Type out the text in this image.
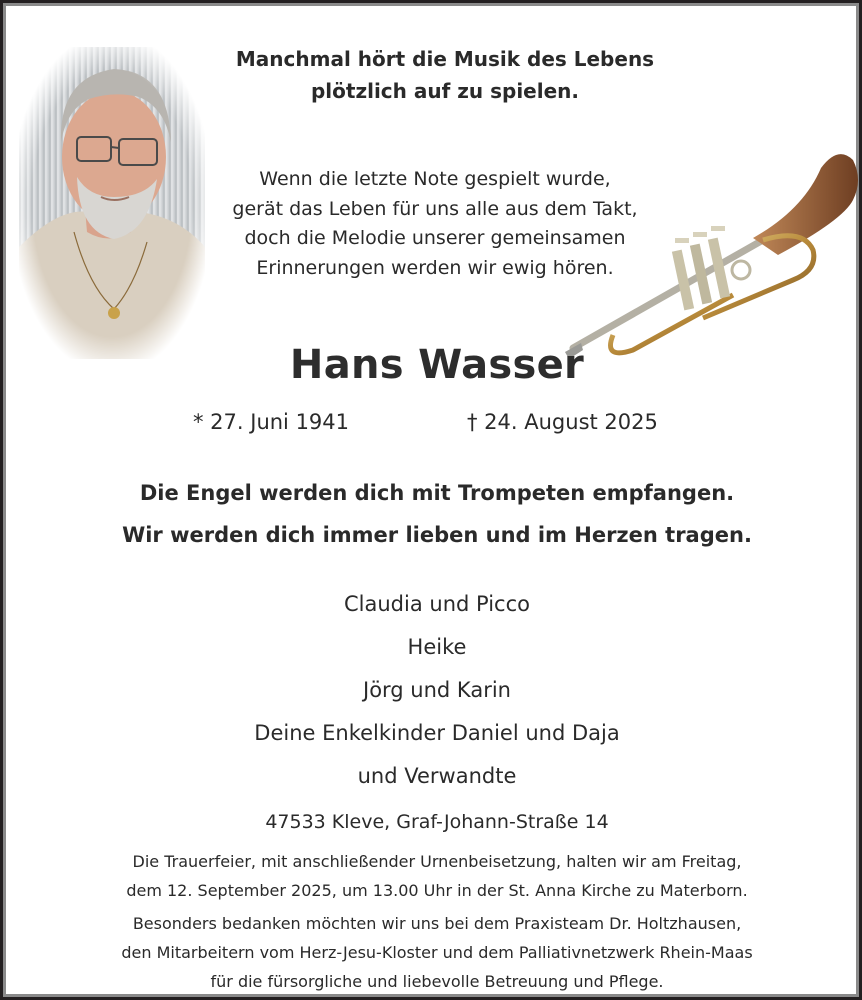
Manchmal hört die Musik des Lebens
plötzlich auf zu spielen.
Wenn die letzte Note gespielt wurde,
gerät das Leben für uns alle aus dem Takt,
doch die Melodie unserer gemeinsamen
Erinnerungen werden wir ewig hören.
Hans Wasser
* 27. Juni 1941	† 24. August 2025
Die Engel werden dich mit Trompeten empfangen.
Wir werden dich immer lieben und im Herzen tragen.
Claudia und Picco
Heike
Jörg und Karin
Deine Enkelkinder Daniel und Daja
und Verwandte
47533 Kleve, Graf-Johann-Straße 14
Die Trauerfeier, mit anschließender Urnenbeisetzung, halten wir am Freitag,
dem 12. September 2025, um 13.00 Uhr in der St. Anna Kirche zu Materborn.
Besonders bedanken möchten wir uns bei dem Praxisteam Dr. Holtzhausen,
den Mitarbeitern vom Herz-Jesu-Kloster und dem Palliativnetzwerk Rhein-Maas
für die fürsorgliche und liebevolle Betreuung und Pflege.
